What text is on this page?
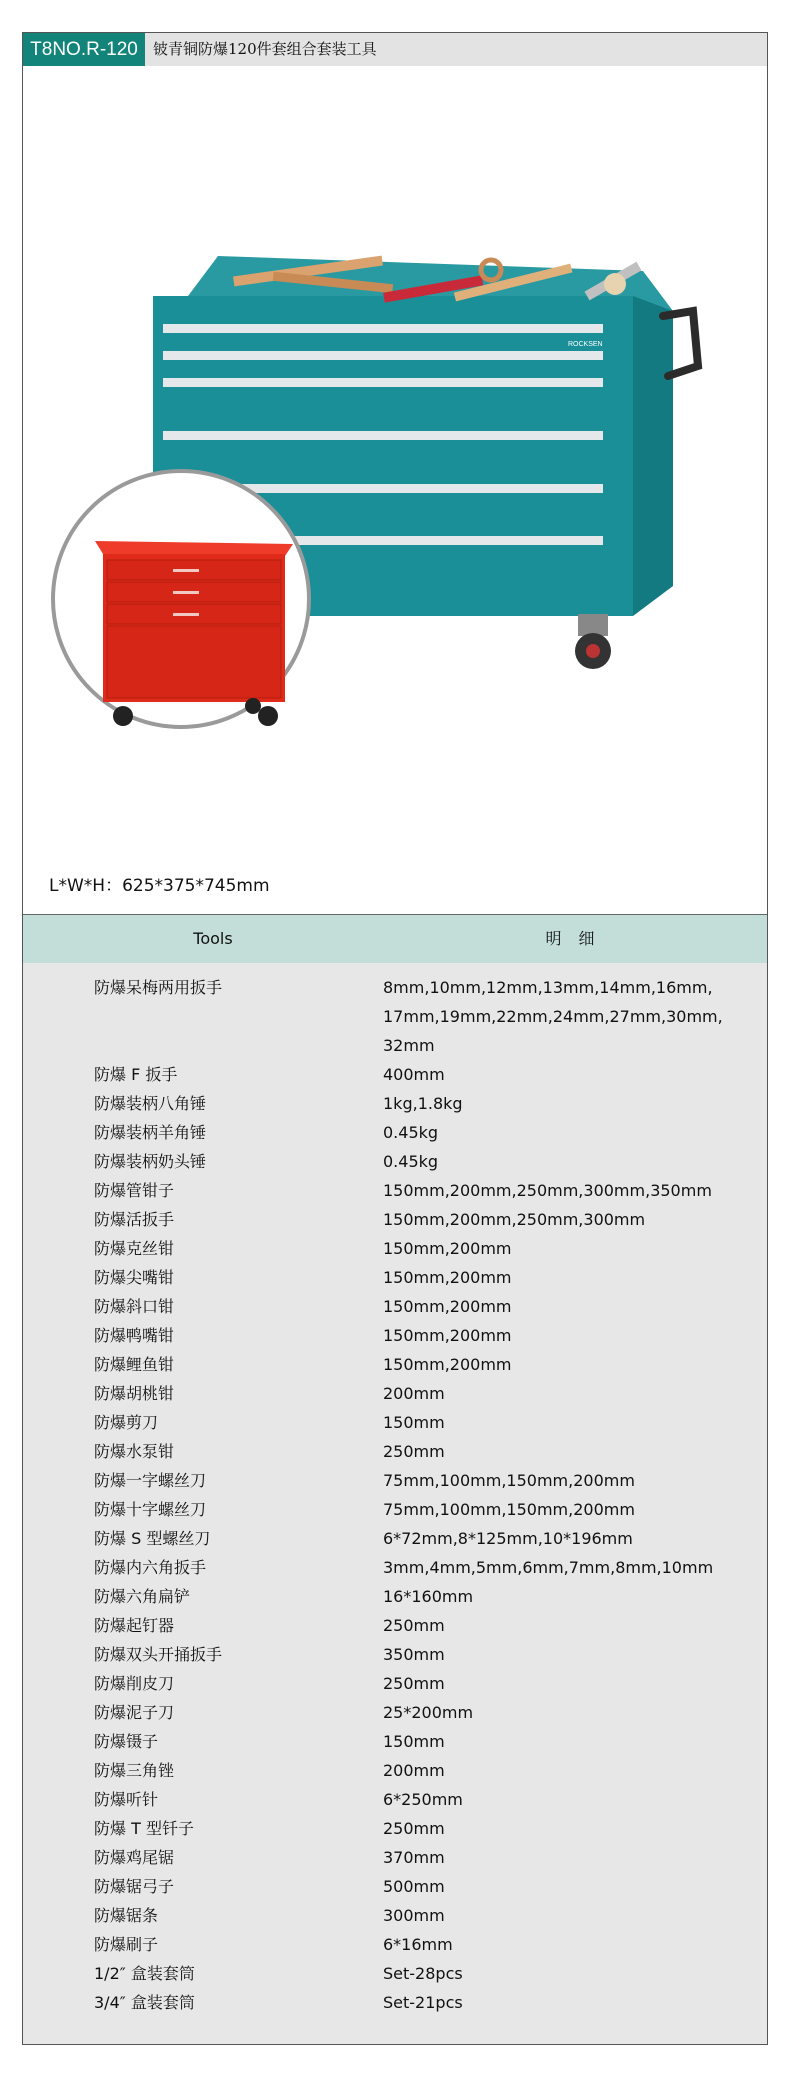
T8NO.R-120	铍青铜防爆120件套组合套装工具
ROCKSEN
L*W*H：625*375*745mm
Tools	明 细
防爆呆梅两用扳手	8mm,10mm,12mm,13mm,14mm,16mm,
17mm,19mm,22mm,24mm,27mm,30mm,
32mm
防爆 F 扳手	400mm
防爆装柄八角锤	1kg,1.8kg
防爆装柄羊角锤	0.45kg
防爆装柄奶头锤	0.45kg
防爆管钳子	150mm,200mm,250mm,300mm,350mm
防爆活扳手	150mm,200mm,250mm,300mm
防爆克丝钳	150mm,200mm
防爆尖嘴钳	150mm,200mm
防爆斜口钳	150mm,200mm
防爆鸭嘴钳	150mm,200mm
防爆鲤鱼钳	150mm,200mm
防爆胡桃钳	200mm
防爆剪刀	150mm
防爆水泵钳	250mm
防爆一字螺丝刀	75mm,100mm,150mm,200mm
防爆十字螺丝刀	75mm,100mm,150mm,200mm
防爆 S 型螺丝刀	6*72mm,8*125mm,10*196mm
防爆内六角扳手	3mm,4mm,5mm,6mm,7mm,8mm,10mm
防爆六角扁铲	16*160mm
防爆起钉器	250mm
防爆双头开捅扳手	350mm
防爆削皮刀	250mm
防爆泥子刀	25*200mm
防爆镊子	150mm
防爆三角锉	200mm
防爆听针	6*250mm
防爆 T 型钎子	250mm
防爆鸡尾锯	370mm
防爆锯弓子	500mm
防爆锯条	300mm
防爆刷子	6*16mm
1/2″ 盒装套筒	Set-28pcs
3/4″ 盒装套筒	Set-21pcs
